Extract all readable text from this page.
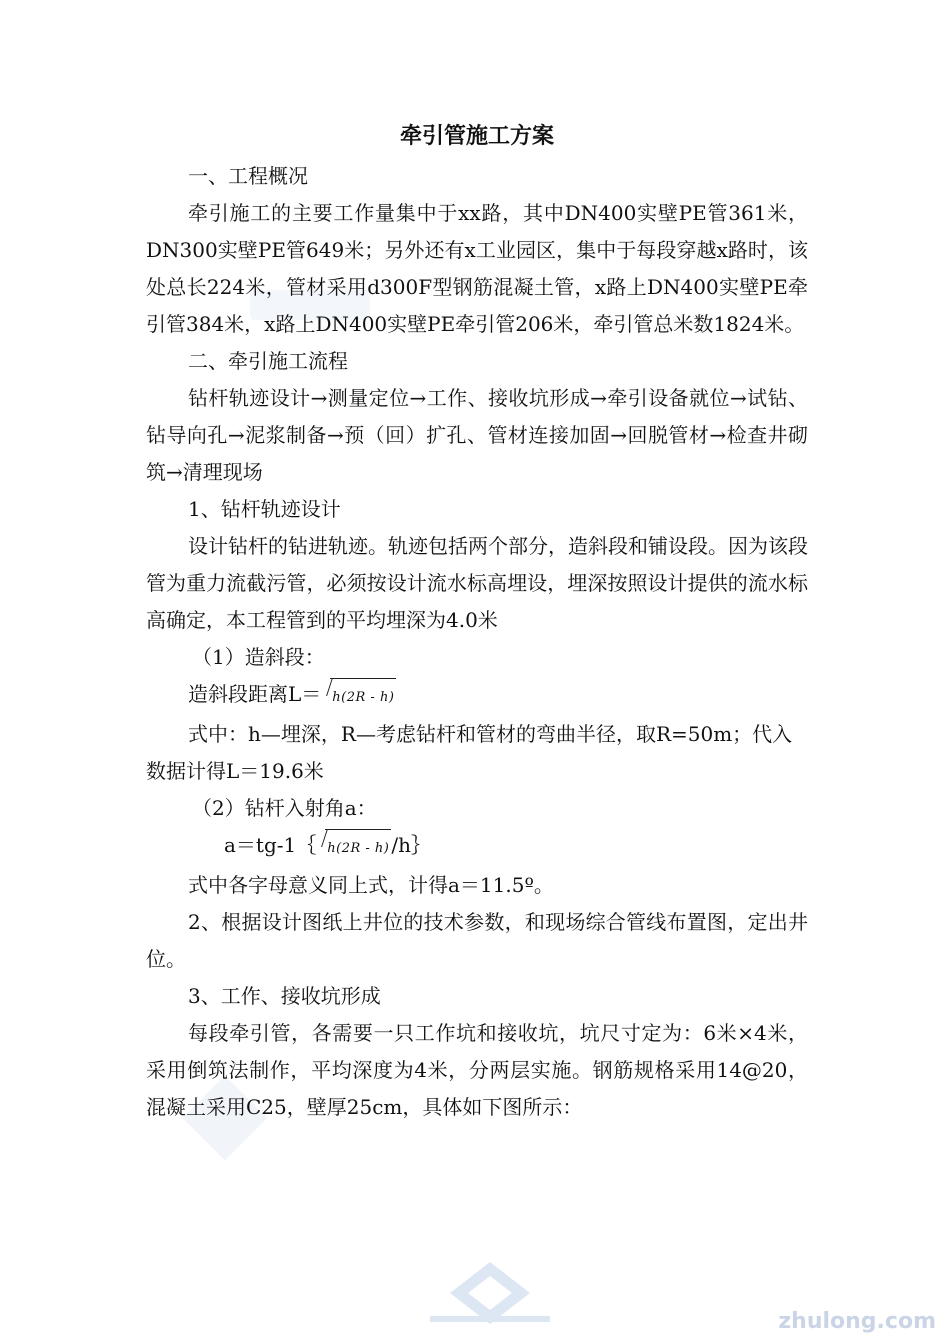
牵引管施工方案

一、工程概况

牵引施工的主要工作量集中于xx路，其中DN400实壁PE管361米，DN300实壁PE管649米；另外还有x工业园区，集中于每段穿越x路时，该处总长224米，管材采用d300F型钢筋混凝土管，x路上DN400实壁PE牵引管384米，x路上DN400实壁PE牵引管206米，牵引管总米数1824米。

二、牵引施工流程

钻杆轨迹设计→测量定位→工作、接收坑形成→牵引设备就位→试钻、钻导向孔→泥浆制备→预（回）扩孔、管材连接加固→回脱管材→检查井砌筑→清理现场

1、钻杆轨迹设计

设计钻杆的钻进轨迹。轨迹包括两个部分，造斜段和铺设段。因为该段管为重力流截污管，必须按设计流水标高埋设，埋深按照设计提供的流水标高确定，本工程管到的平均埋深为4.0米

（1）造斜段：

造斜段距离L＝ h(2R - h)

式中：h—埋深，R—考虑钻杆和管材的弯曲半径，取R=50m；代入

数据计得L＝19.6米

（2）钻杆入射角a：

a＝tg-1｛ h(2R - h) /h｝

式中各字母意义同上式，计得a＝11.5º。

2、根据设计图纸上井位的技术参数，和现场综合管线布置图，定出井位。

3、工作、接收坑形成

每段牵引管，各需要一只工作坑和接收坑，坑尺寸定为：6米×4米，采用倒筑法制作，平均深度为4米，分两层实施。钢筋规格采用14@20，混凝土采用C25，壁厚25cm，具体如下图所示：

zhulong.com
